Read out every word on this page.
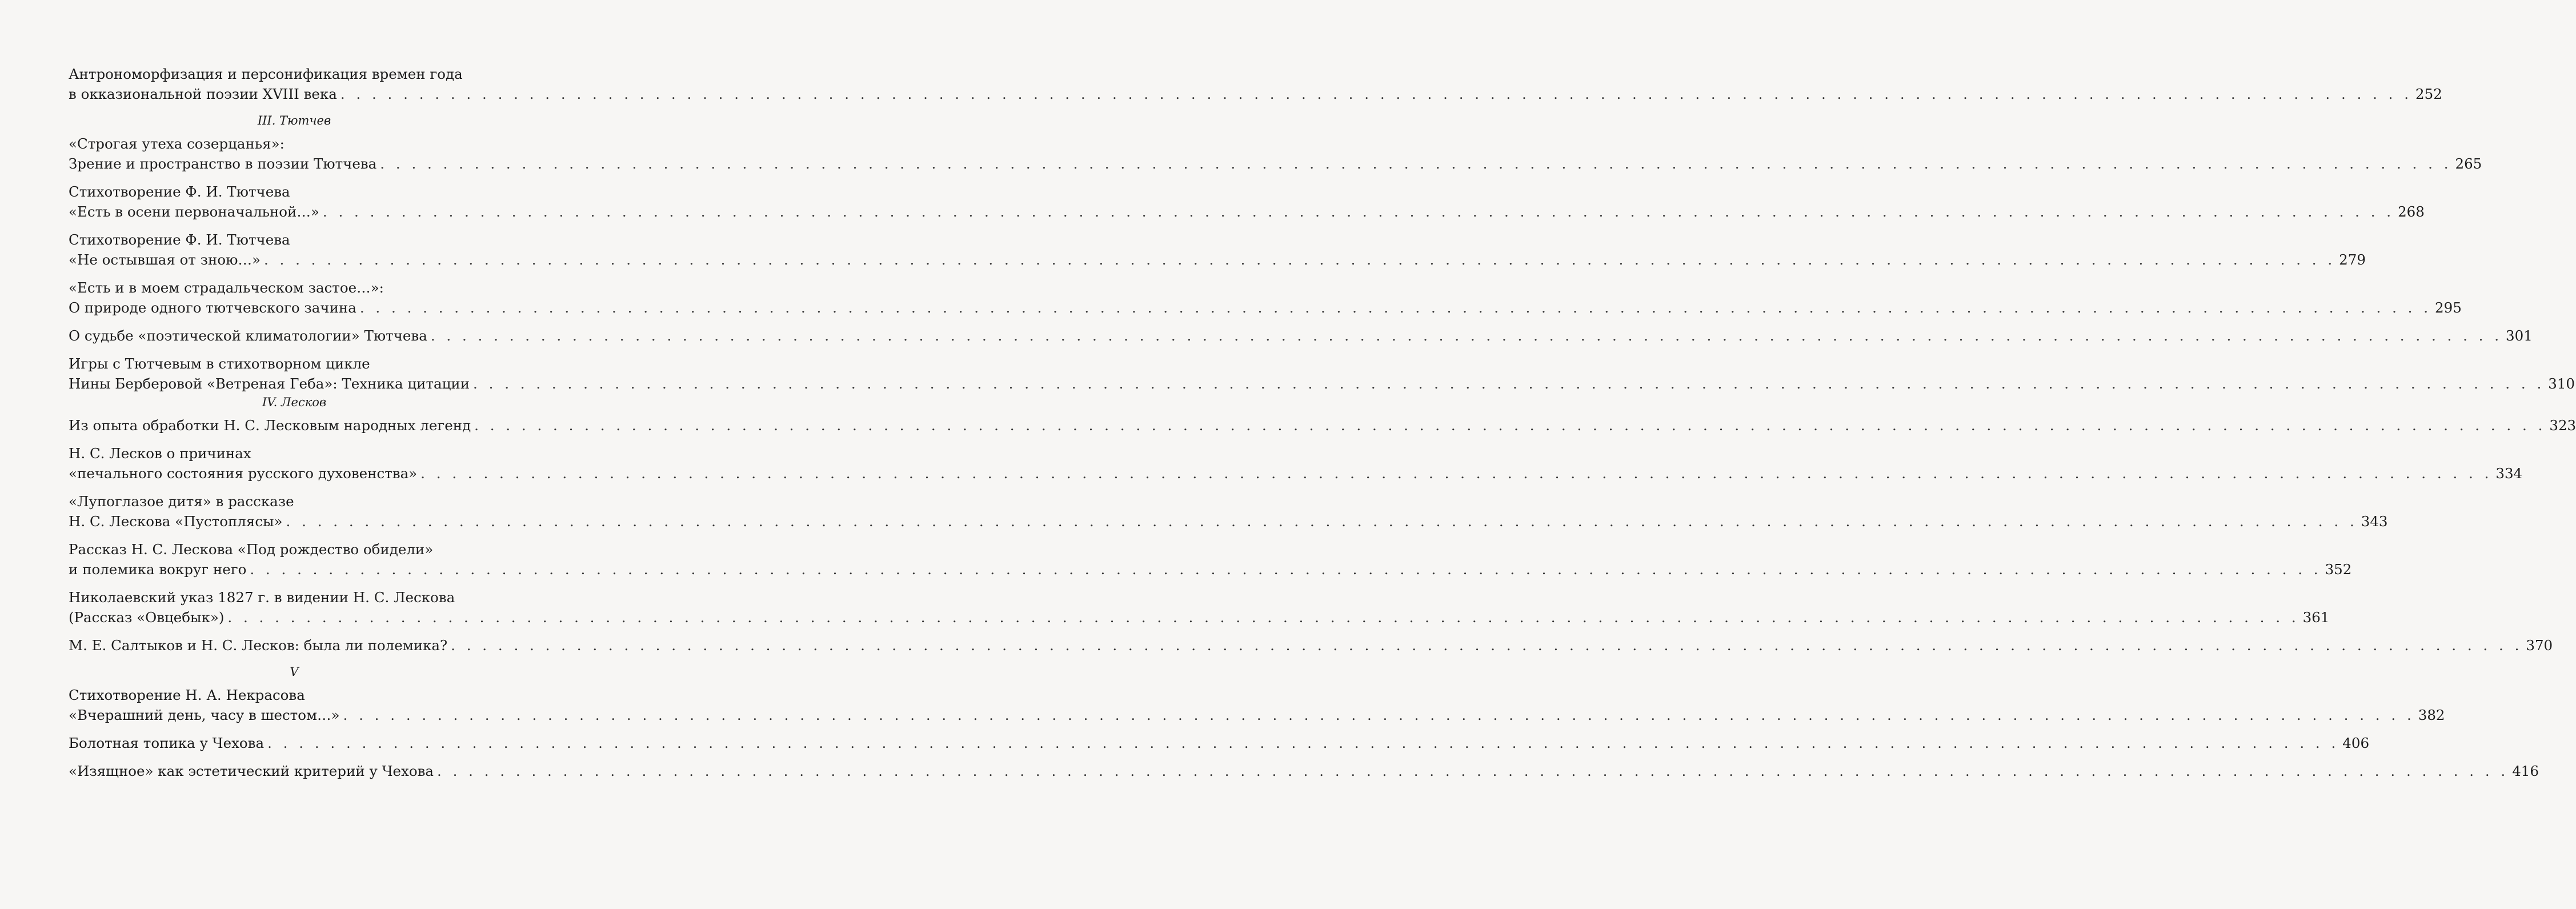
Антрономорфизация и персонификация времен года
в окказиональной поэзии XVIII века . . .	252
III. Тютчев
«Строгая утеха созерцанья»:
Зрение и пространство в поэзии Тютчева . . .	265
Стихотворение Ф. И. Тютчева
«Есть в осени первоначальной…» . . .	268
Стихотворение Ф. И. Тютчева
«Не остывшая от зною…» . . .	279
«Есть и в моем страдальческом застое…»:
О природе одного тютчевского зачина . . .	295
О судьбе «поэтической климатологии» Тютчева . . .	301
Игры с Тютчевым в стихотворном цикле
Нины Берберовой «Ветреная Геба»: Техника цитации . . .	310
IV. Лесков
Из опыта обработки Н. С. Лесковым народных легенд . . .	323
Н. С. Лесков о причинах
«печального состояния русского духовенства» . . .	334
«Лупоглазое дитя» в рассказе
Н. С. Лескова «Пустоплясы» . . .	343
Рассказ Н. С. Лескова «Под рождество обидели»
и полемика вокруг него . . .	352
Николаевский указ 1827 г. в видении Н. С. Лескова
(Рассказ «Овцебык») . . .	361
М. Е. Салтыков и Н. С. Лесков: была ли полемика? . . .	370
V
Стихотворение Н. А. Некрасова
«Вчерашний день, часу в шестом…» . . .	382
Болотная топика у Чехова . . .	406
«Изящное» как эстетический критерий у Чехова . . .	416
